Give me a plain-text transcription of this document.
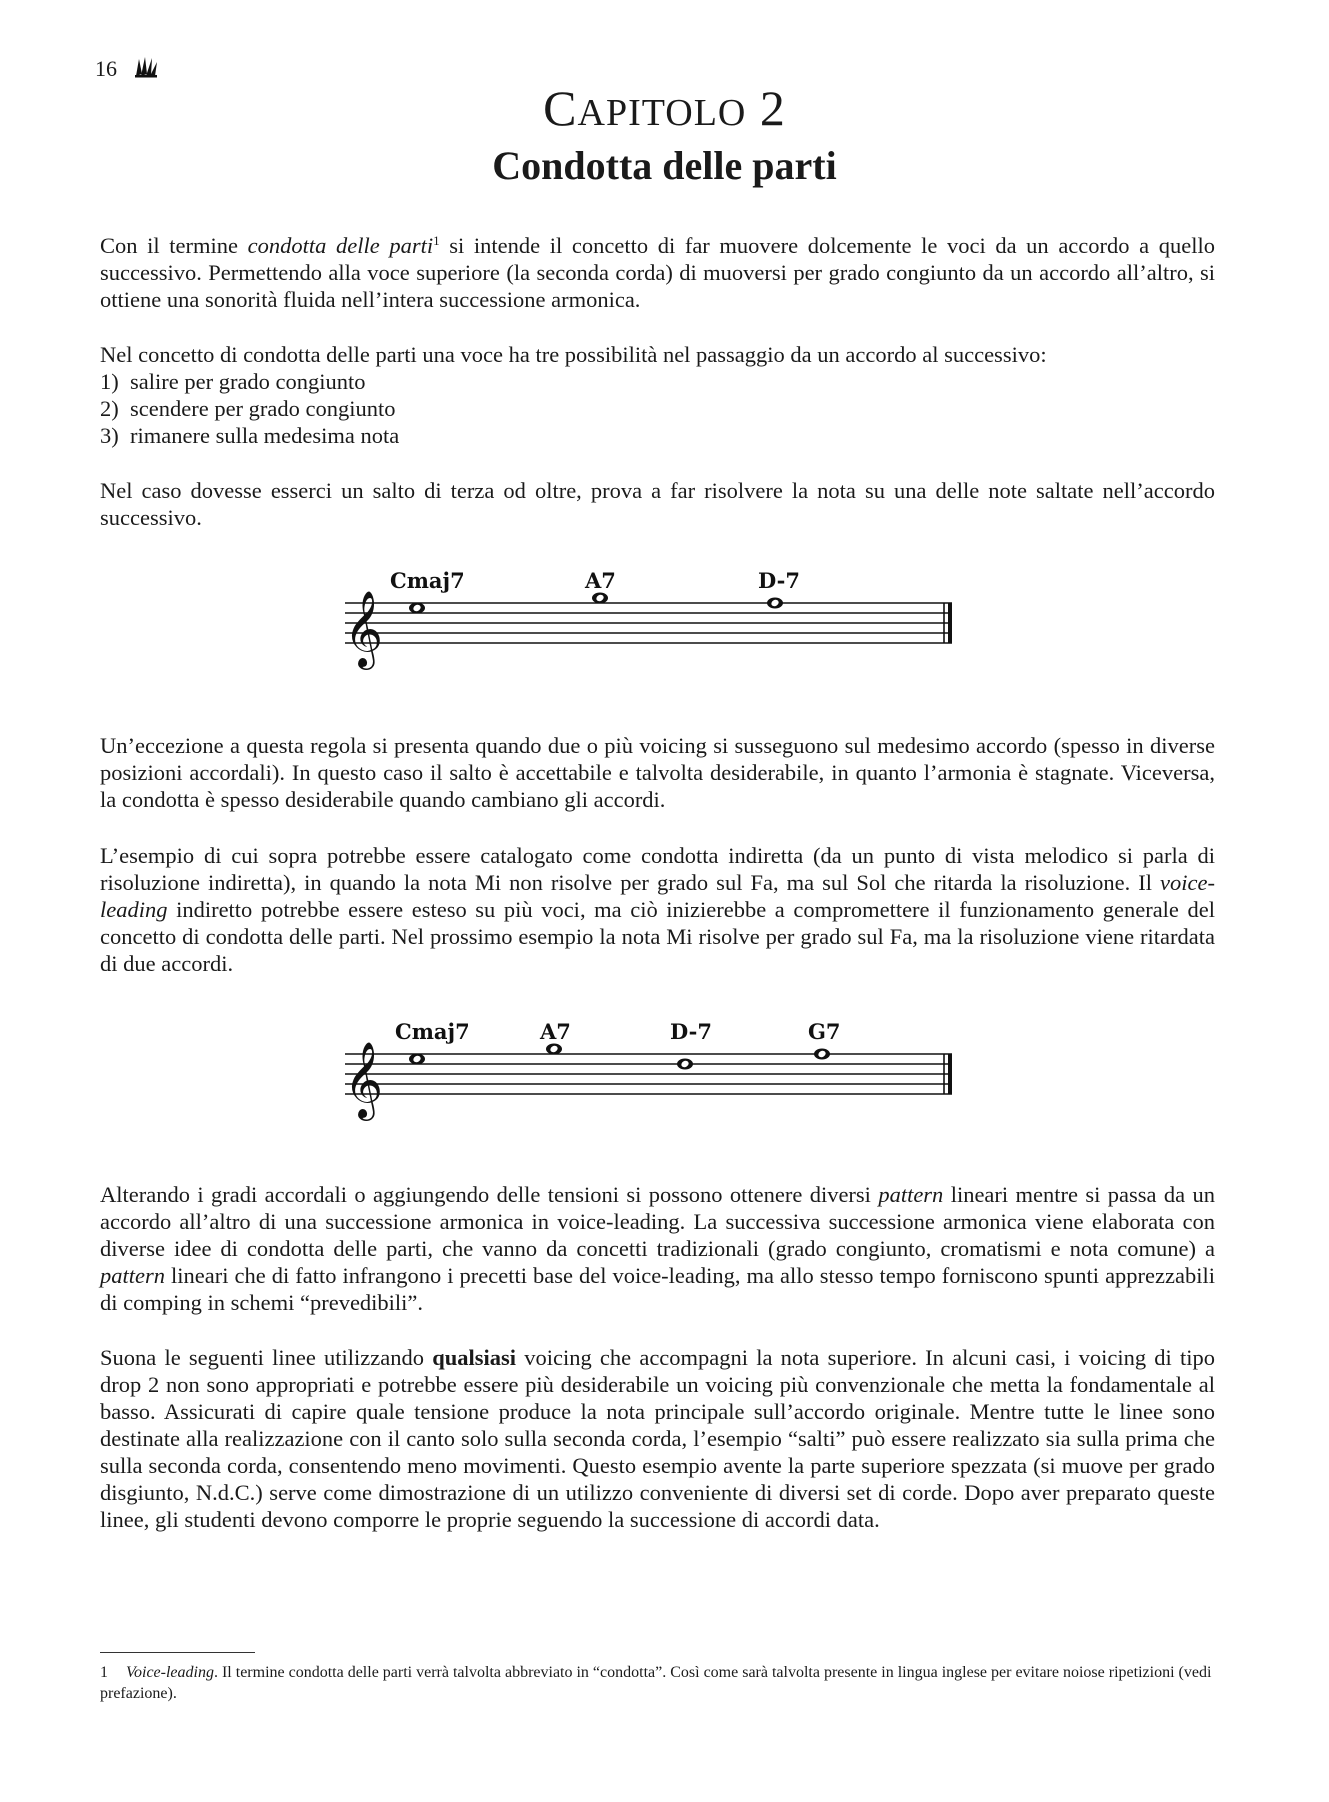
16
CAPITOLO 2
Condotta delle parti

Con il termine condotta delle parti$^1$ si intende il concetto di far muovere dolcemente le voci da un accordo a quello successivo. Permettendo alla voce superiore (la seconda corda) di muoversi per grado congiunto da un accordo all’altro, si ottiene una sonorità fluida nell’intera successione armonica.

Nel concetto di condotta delle parti una voce ha tre possibilità nel passaggio da un accordo al successivo:
1)  salire per grado congiunto
2)  scendere per grado congiunto
3)  rimanere sulla medesima nota

Nel caso dovesse esserci un salto di terza od oltre, prova a far risolvere la nota su una delle note saltate nell’accordo successivo.
𝄞
Cmaj7	A7	D-7
Un’eccezione a questa regola si presenta quando due o più voicing si susseguono sul medesimo accordo (spesso in diverse posizioni accordali). In questo caso il salto è accettabile e talvolta desiderabile, in quanto l’armonia è stagnate. Viceversa, la condotta è spesso desiderabile quando cambiano gli accordi.

L’esempio di cui sopra potrebbe essere catalogato come condotta indiretta (da un punto di vista melodico si parla di risoluzione indiretta), in quando la nota Mi non risolve per grado sul Fa, ma sul Sol che ritarda la risoluzione. Il voice-leading indiretto potrebbe essere esteso su più voci, ma ciò inizierebbe a compromettere il funzionamento generale del concetto di condotta delle parti. Nel prossimo esempio la nota Mi risolve per grado sul Fa, ma la risoluzione viene ritardata di due accordi.

𝄞
Cmaj7	A7	D-7	G7

Alterando i gradi accordali o aggiungendo delle tensioni si possono ottenere diversi pattern lineari mentre si passa da un accordo all’altro di una successione armonica in voice-leading. La successiva successione armonica viene elaborata con diverse idee di condotta delle parti, che vanno da concetti tradizionali (grado congiunto, cromatismi e nota comune) a pattern lineari che di fatto infrangono i precetti base del voice-leading, ma allo stesso tempo forniscono spunti apprezzabili di comping in schemi “prevedibili”.

Suona le seguenti linee utilizzando qualsiasi voicing che accompagni la nota superiore. In alcuni casi, i voicing di tipo drop 2 non sono appropriati e potrebbe essere più desiderabile un voicing più convenzionale che metta la fondamentale al basso. Assicurati di capire quale tensione produce la nota principale sull’accordo originale. Mentre tutte le linee sono destinate alla realizzazione con il canto solo sulla seconda corda, l’esempio “salti” può essere realizzato sia sulla prima che sulla seconda corda, consentendo meno movimenti. Questo esempio avente la parte superiore spezzata (si muove per grado disgiunto, N.d.C.) serve come dimostrazione di un utilizzo conveniente di diversi set di corde. Dopo aver preparato queste linee, gli studenti devono comporre le proprie seguendo la successione di accordi data.

1 Voice-leading. Il termine condotta delle parti verrà talvolta abbreviato in “condotta”. Così come sarà talvolta presente in lingua inglese per evitare noiose ripetizioni (vedi prefazione).
